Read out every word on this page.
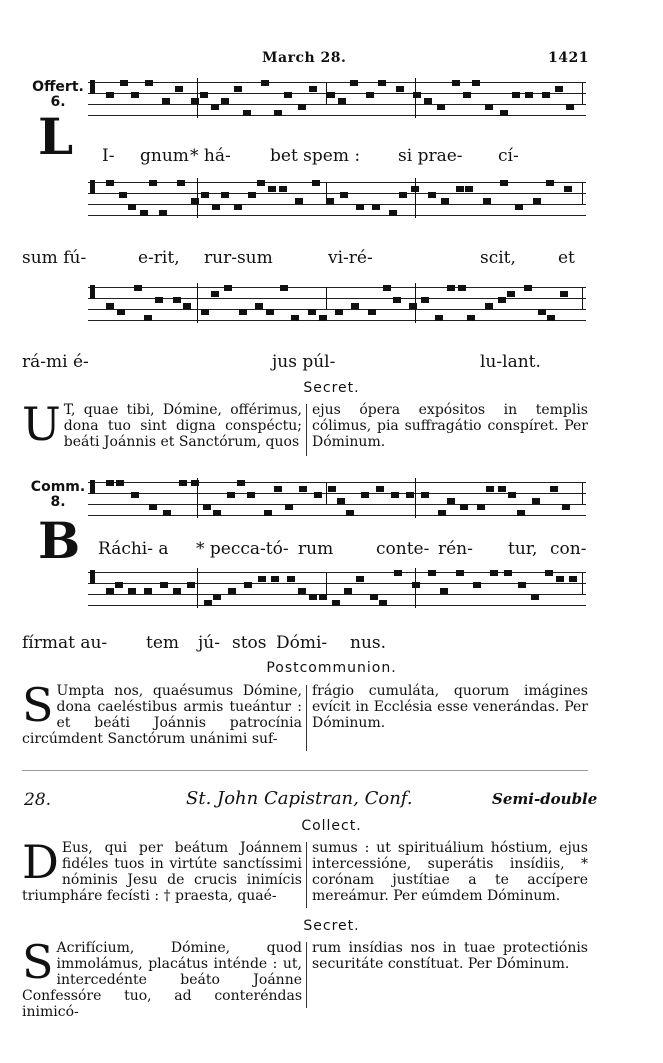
March 28.	1421
Offert.
6.
L I- gnum * há- bet spem : si prae- cí-
sum fú-	e-rit, rur-sum	vi-ré-	scit, et
rá-mi é-	jus púl-	lu-lant.
Secret.

U T, quae tibi, Dómine, offérimus, dona tuo sint digna conspéctu; beáti Joánnis et Sanctórum, quos

ejus ópera expósitos in templis cólimus, pia suffragátio conspíret. Per Dóminum.

Comm.
8.
B Ráchi- a * pecca-tó- rum	conte- rén- tur, con-
fírmat au- tem jú- stos Dómi- nus.
Postcommunion.

S Umpta nos, quaésumus Dómine, dona caeléstibus armis tueántur : et beáti Joánnis patrocínia circúmdent Sanctórum unánimi suf-

frágio cumuláta, quorum imágines evícit in Ecclésia esse venerándas. Per Dóminum.

28.	St. John Capistran, Conf.	Semi-double
Collect.

D Eus, qui per beátum Joánnem fidéles tuos in virtúte sanctíssimi nóminis Jesu de crucis inimícis triumpháre fecísti : † praesta, quaé-

sumus : ut spirituálium hóstium, ejus intercessióne, superátis insídiis, * corónam justítiae a te accípere mereámur. Per eúmdem Dóminum.

Secret.

S Acrifícium, Dómine, quod immolámus, placátus inténde : ut, intercedénte beáto Joánne Confessóre tuo, ad conteréndas inimicó-

rum insídias nos in tuae protectiónis securitáte constítuat. Per Dóminum.
